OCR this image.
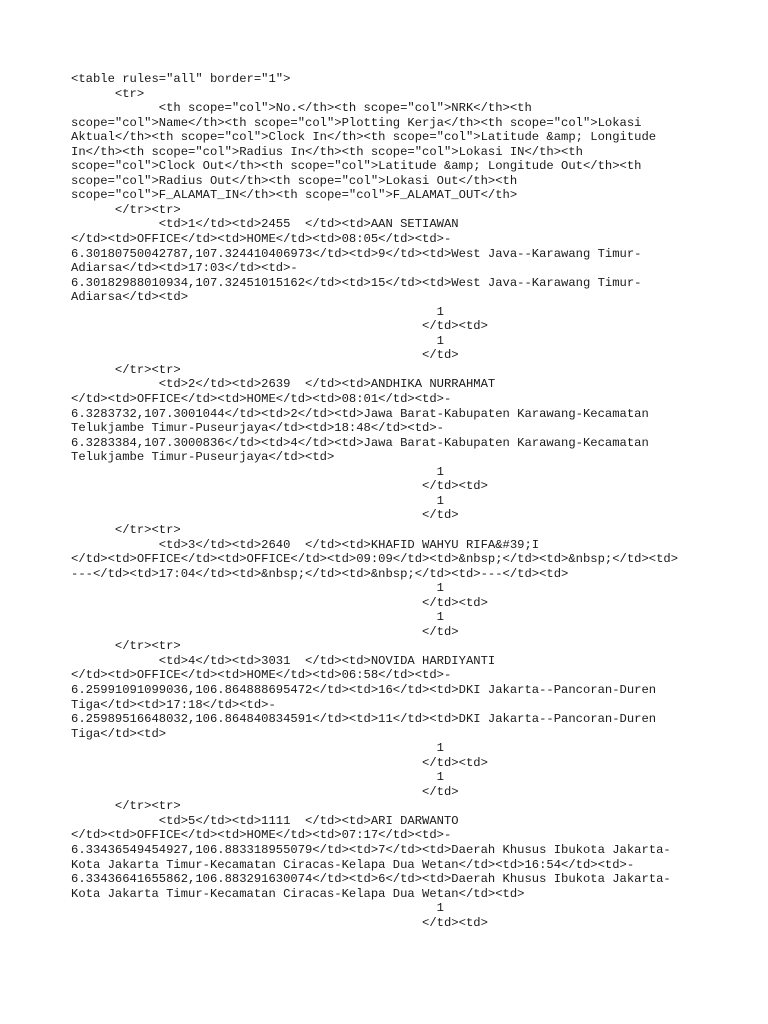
<table rules="all" border="1">
<tr>
<th scope="col">No.</th><th scope="col">NRK</th><th
scope="col">Name</th><th scope="col">Plotting Kerja</th><th scope="col">Lokasi
Aktual</th><th scope="col">Clock In</th><th scope="col">Latitude &amp; Longitude
In</th><th scope="col">Radius In</th><th scope="col">Lokasi IN</th><th
scope="col">Clock Out</th><th scope="col">Latitude &amp; Longitude Out</th><th
scope="col">Radius Out</th><th scope="col">Lokasi Out</th><th
scope="col">F_ALAMAT_IN</th><th scope="col">F_ALAMAT_OUT</th>
</tr><tr>
<td>1</td><td>2455  </td><td>AAN SETIAWAN
</td><td>OFFICE</td><td>HOME</td><td>08:05</td><td>-
6.30180750042787,107.324410406973</td><td>9</td><td>West Java--Karawang Timur-
Adiarsa</td><td>17:03</td><td>-
6.30182988010934,107.32451015162</td><td>15</td><td>West Java--Karawang Timur-
Adiarsa</td><td>
1
</td><td>
1
</td>
</tr><tr>
<td>2</td><td>2639  </td><td>ANDHIKA NURRAHMAT
</td><td>OFFICE</td><td>HOME</td><td>08:01</td><td>-
6.3283732,107.3001044</td><td>2</td><td>Jawa Barat-Kabupaten Karawang-Kecamatan
Telukjambe Timur-Puseurjaya</td><td>18:48</td><td>-
6.3283384,107.3000836</td><td>4</td><td>Jawa Barat-Kabupaten Karawang-Kecamatan
Telukjambe Timur-Puseurjaya</td><td>
1
</td><td>
1
</td>
</tr><tr>
<td>3</td><td>2640  </td><td>KHAFID WAHYU RIFA&#39;I
</td><td>OFFICE</td><td>OFFICE</td><td>09:09</td><td>&nbsp;</td><td>&nbsp;</td><td>
---</td><td>17:04</td><td>&nbsp;</td><td>&nbsp;</td><td>---</td><td>
1
</td><td>
1
</td>
</tr><tr>
<td>4</td><td>3031  </td><td>NOVIDA HARDIYANTI
</td><td>OFFICE</td><td>HOME</td><td>06:58</td><td>-
6.25991091099036,106.864888695472</td><td>16</td><td>DKI Jakarta--Pancoran-Duren
Tiga</td><td>17:18</td><td>-
6.25989516648032,106.864840834591</td><td>11</td><td>DKI Jakarta--Pancoran-Duren
Tiga</td><td>
1
</td><td>
1
</td>
</tr><tr>
<td>5</td><td>1111  </td><td>ARI DARWANTO
</td><td>OFFICE</td><td>HOME</td><td>07:17</td><td>-
6.33436549454927,106.883318955079</td><td>7</td><td>Daerah Khusus Ibukota Jakarta-
Kota Jakarta Timur-Kecamatan Ciracas-Kelapa Dua Wetan</td><td>16:54</td><td>-
6.33436641655862,106.883291630074</td><td>6</td><td>Daerah Khusus Ibukota Jakarta-
Kota Jakarta Timur-Kecamatan Ciracas-Kelapa Dua Wetan</td><td>
1
</td><td>
